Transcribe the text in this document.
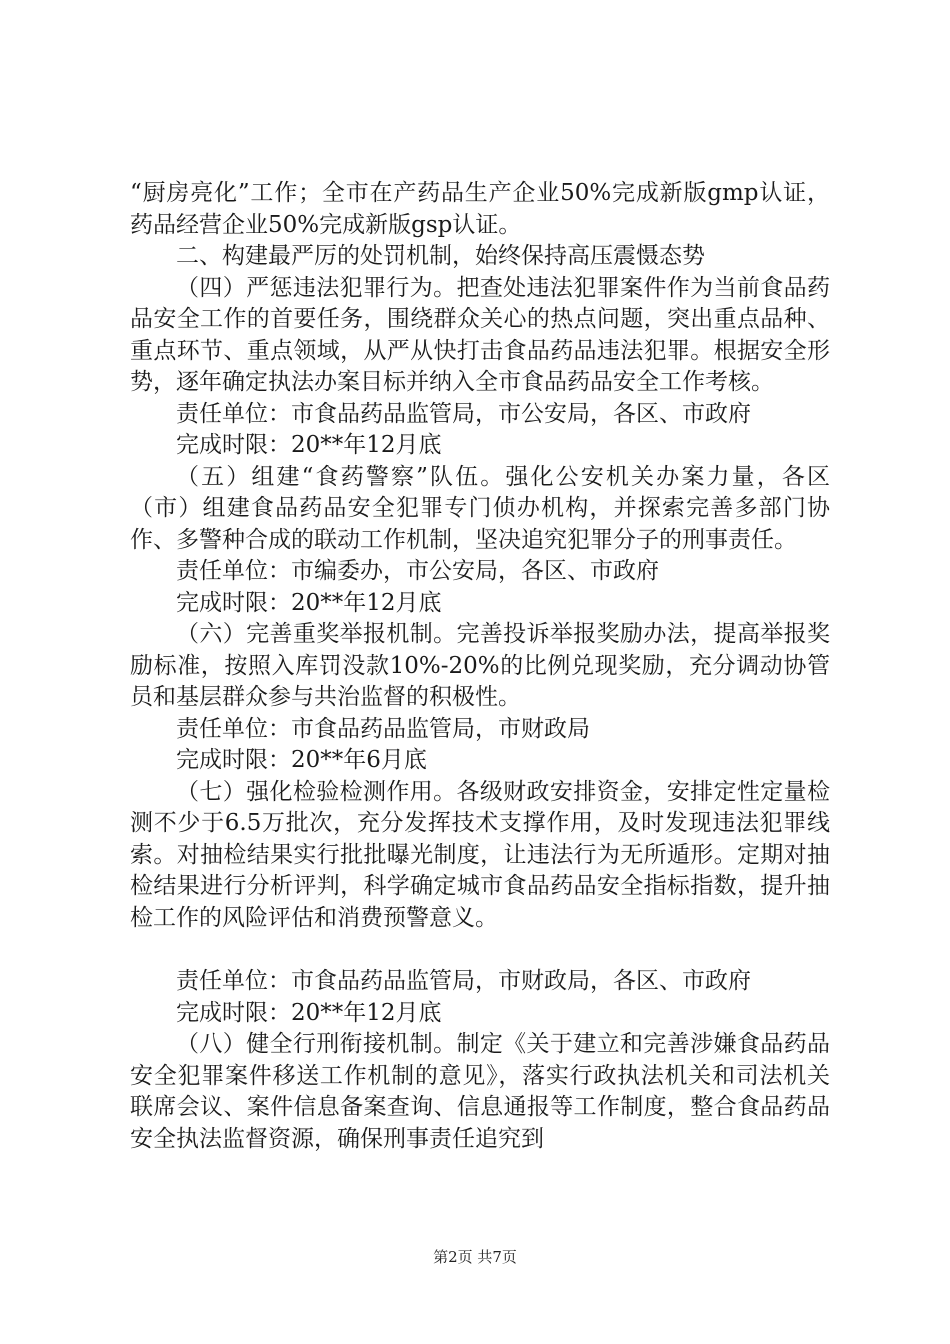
“厨房亮化”工作；全市在产药品生产企业50%完成新版gmp认证，药品经营企业50%完成新版gsp认证。

二、构建最严厉的处罚机制，始终保持高压震慑态势

（四）严惩违法犯罪行为。把查处违法犯罪案件作为当前食品药品安全工作的首要任务，围绕群众关心的热点问题，突出重点品种、重点环节、重点领域，从严从快打击食品药品违法犯罪。根据安全形势，逐年确定执法办案目标并纳入全市食品药品安全工作考核。

责任单位：市食品药品监管局，市公安局，各区、市政府

完成时限：20**年12月底

（五）组建“食药警察”队伍。强化公安机关办案力量，各区（市）组建食品药品安全犯罪专门侦办机构，并探索完善多部门协作、多警种合成的联动工作机制，坚决追究犯罪分子的刑事责任。

责任单位：市编委办，市公安局，各区、市政府

完成时限：20**年12月底

（六）完善重奖举报机制。完善投诉举报奖励办法，提高举报奖励标准，按照入库罚没款10%-20%的比例兑现奖励，充分调动协管员和基层群众参与共治监督的积极性。

责任单位：市食品药品监管局，市财政局

完成时限：20**年6月底

（七）强化检验检测作用。各级财政安排资金，安排定性定量检测不少于6.5万批次，充分发挥技术支撑作用，及时发现违法犯罪线索。对抽检结果实行批批曝光制度，让违法行为无所遁形。定期对抽检结果进行分析评判，科学确定城市食品药品安全指标指数，提升抽检工作的风险评估和消费预警意义。

责任单位：市食品药品监管局，市财政局，各区、市政府

完成时限：20**年12月底

（八）健全行刑衔接机制。制定《关于建立和完善涉嫌食品药品安全犯罪案件移送工作机制的意见》，落实行政执法机关和司法机关联席会议、案件信息备案查询、信息通报等工作制度，整合食品药品安全执法监督资源，确保刑事责任追究到

第2页 共7页
